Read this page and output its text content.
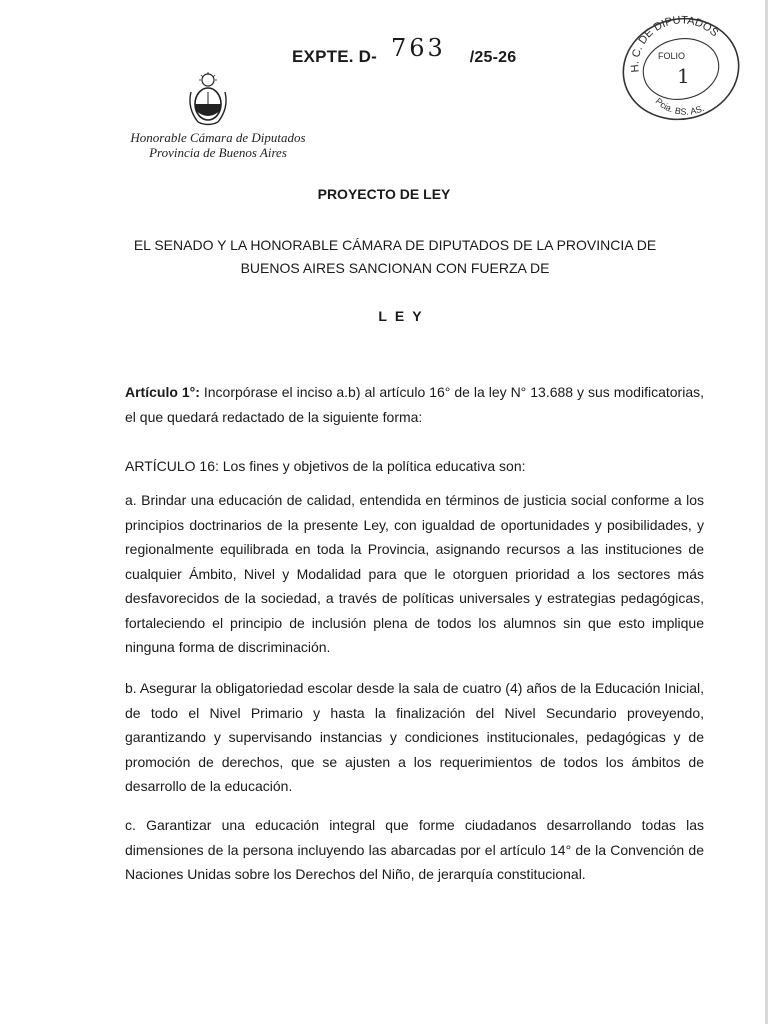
EXPTE. D- 763 /25-26
H. C. DE DIPUTADOS
Pcia. BS. AS.
FOLIO
1
Honorable Cámara de Diputados
Provincia de Buenos Aires
PROYECTO DE LEY
EL SENADO Y LA HONORABLE CÁMARA DE DIPUTADOS DE LA PROVINCIA DE BUENOS AIRES SANCIONAN CON FUERZA DE
LEY

Artículo 1°: Incorpórase el inciso a.b) al artículo 16° de la ley N° 13.688 y sus modificatorias, el que quedará redactado de la siguiente forma:

ARTÍCULO 16: Los fines y objetivos de la política educativa son:

a. Brindar una educación de calidad, entendida en términos de justicia social conforme a los principios doctrinarios de la presente Ley, con igualdad de oportunidades y posibilidades, y regionalmente equilibrada en toda la Provincia, asignando recursos a las instituciones de cualquier Ámbito, Nivel y Modalidad para que le otorguen prioridad a los sectores más desfavorecidos de la sociedad, a través de políticas universales y estrategias pedagógicas, fortaleciendo el principio de inclusión plena de todos los alumnos sin que esto implique ninguna forma de discriminación.

b. Asegurar la obligatoriedad escolar desde la sala de cuatro (4) años de la Educación Inicial, de todo el Nivel Primario y hasta la finalización del Nivel Secundario proveyendo, garantizando y supervisando instancias y condiciones institucionales, pedagógicas y de promoción de derechos, que se ajusten a los requerimientos de todos los ámbitos de desarrollo de la educación.

c. Garantizar una educación integral que forme ciudadanos desarrollando todas las dimensiones de la persona incluyendo las abarcadas por el artículo 14° de la Convención de Naciones Unidas sobre los Derechos del Niño, de jerarquía constitucional.
